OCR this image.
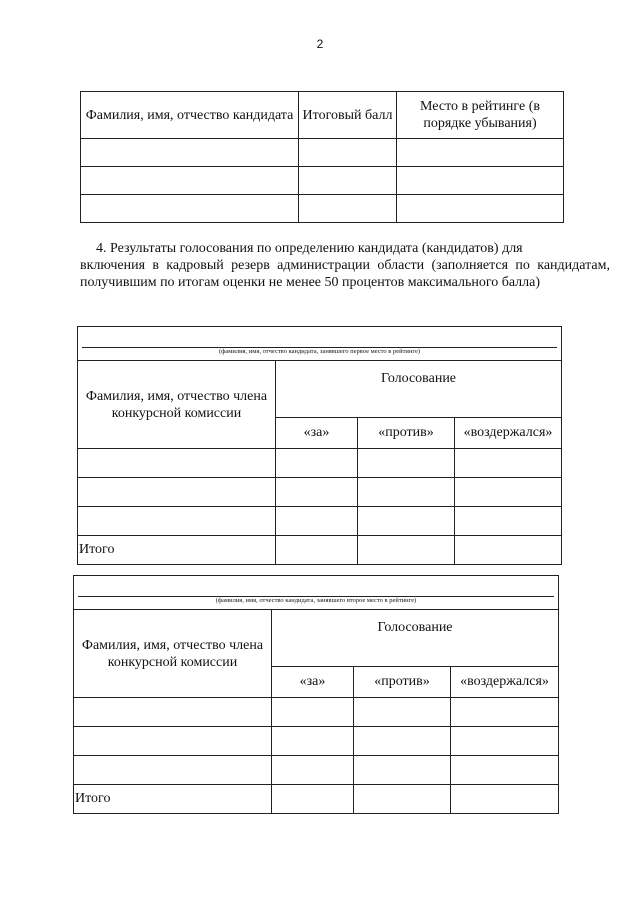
2
Фамилия, имя, отчество кандидата	Итоговый балл	Место в рейтинге (в порядке убывания)

4. Результаты голосования по определению кандидата (кандидатов) для
включения в кадровый резерв администрации области (заполняется по кандидатам, получившим по итогам оценки не менее 50 процентов максимального балла)
(фамилия, имя, отчество кандидата, занявшего первое место в рейтинге)			

Фамилия, имя, отчество члена конкурсной комиссии	Голосование		
	«за»	«против»	«воздержался»

Итого			
(фамилия, имя, отчество кандидата, занявшего второе место в рейтинге)			

Фамилия, имя, отчество члена конкурсной комиссии	Голосование		
	«за»	«против»	«воздержался»

Итого			
